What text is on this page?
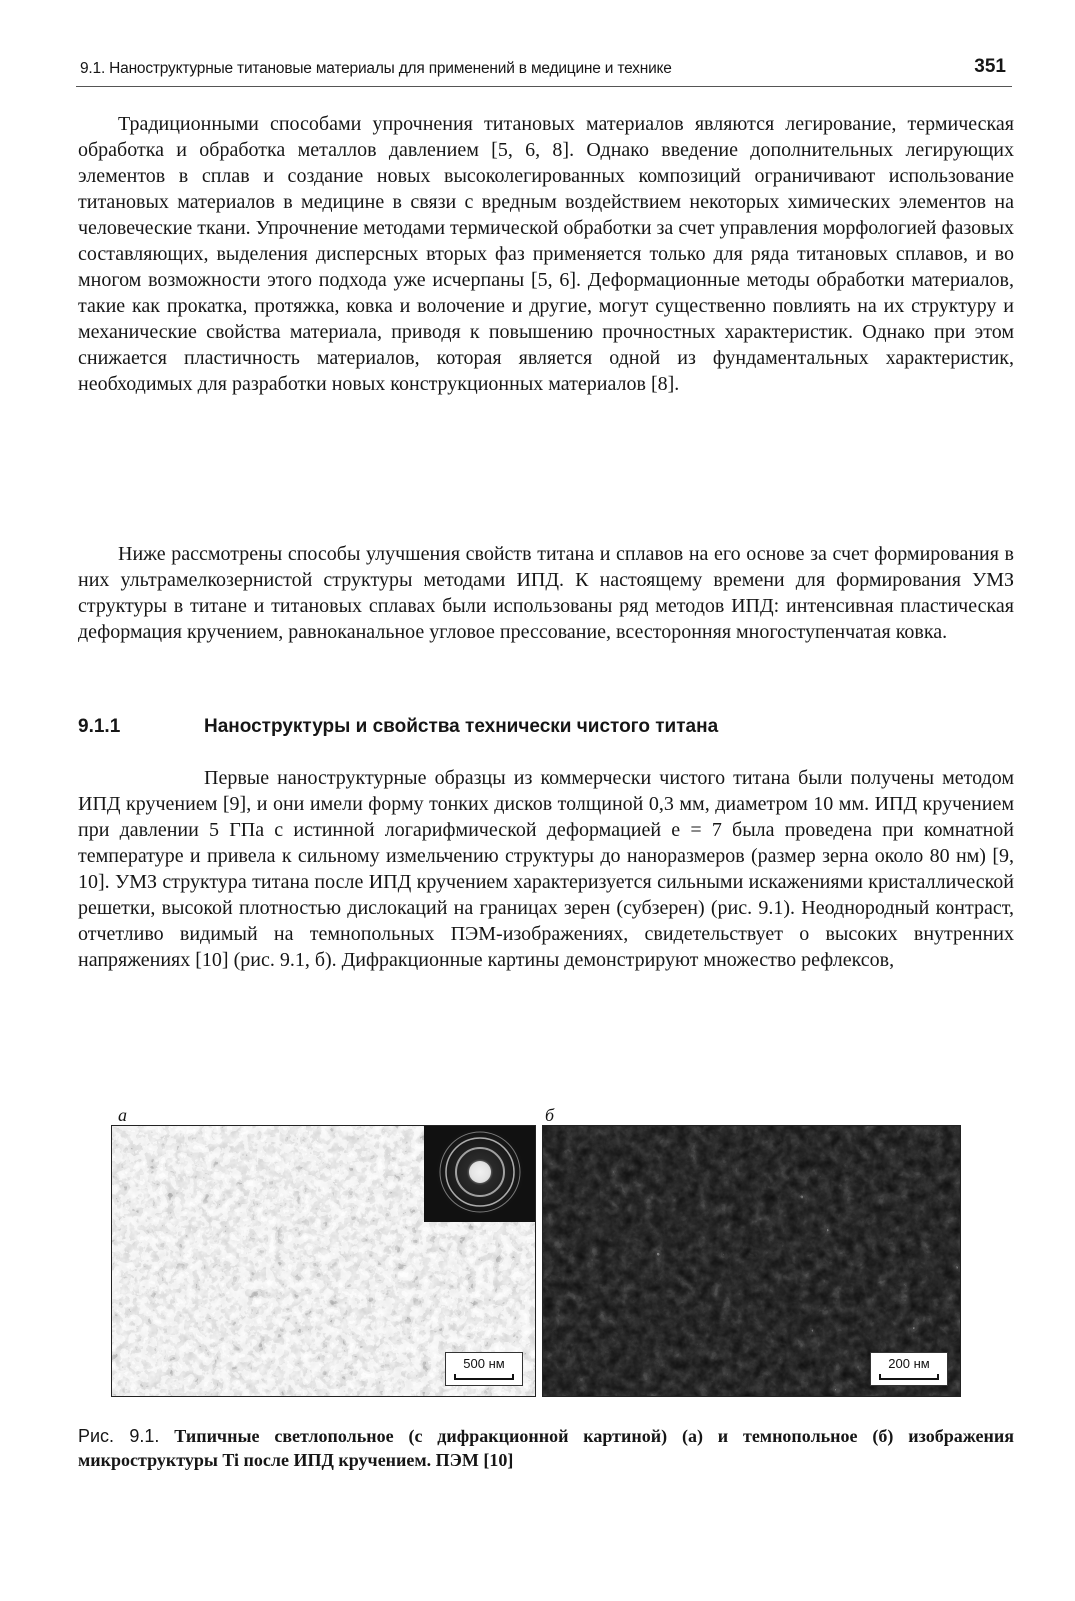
9.1. Наноструктурные титановые материалы для применений в медицине и технике	351
Традиционными способами упрочнения титановых материалов являются легирование, термическая обработка и обработка металлов давлением [5, 6, 8]. Однако введение дополнительных легирующих элементов в сплав и создание новых высоколегированных композиций ограничивают использование титановых материалов в медицине в связи с вредным воздействием некоторых химических элементов на человеческие ткани. Упрочнение методами термической обработки за счет управления морфологией фазовых составляющих, выделения дисперсных вторых фаз применяется только для ряда титановых сплавов, и во многом возможности этого подхода уже исчерпаны [5, 6]. Деформационные методы обработки материалов, такие как прокатка, протяжка, ковка и волочение и другие, могут существенно повлиять на их структуру и механические свойства материала, приводя к повышению прочностных характеристик. Однако при этом снижается пластичность материалов, которая является одной из фундаментальных характеристик, необходимых для разработки новых конструкционных материалов [8].
Ниже рассмотрены способы улучшения свойств титана и сплавов на его основе за счет формирования в них ультрамелкозернистой структуры методами ИПД. К настоящему времени для формирования УМЗ структуры в титане и титановых сплавах были использованы ряд методов ИПД: интенсивная пластическая деформация кручением, равноканальное угловое прессование, всесторонняя многоступенчатая ковка.
9.1.1	Наноструктуры и свойства технически чистого титана
Первые наноструктурные образцы из коммерчески чистого титана были получены методом ИПД кручением [9], и они имели форму тонких дисков толщиной 0,3 мм, диаметром 10 мм. ИПД кручением при давлении 5 ГПа с истинной логарифмической деформацией e = 7 была проведена при комнатной температуре и привела к сильному измельчению структуры до наноразмеров (размер зерна около 80 нм) [9, 10]. УМЗ структура титана после ИПД кручением характеризуется сильными искажениями кристаллической решетки, высокой плотностью дислокаций на границах зерен (субзерен) (рис. 9.1). Неоднородный контраст, отчетливо видимый на темнопольных ПЭМ-изображениях, свидетельствует о высоких внутренних напряжениях [10] (рис. 9.1, б). Дифракционные картины демонстрируют множество рефлексов,
а	б
500 нм	200 нм
Рис. 9.1. Типичные светлопольное (с дифракционной картиной) (а) и темнопольное (б) изображения микроструктуры Ti после ИПД кручением. ПЭМ [10]
